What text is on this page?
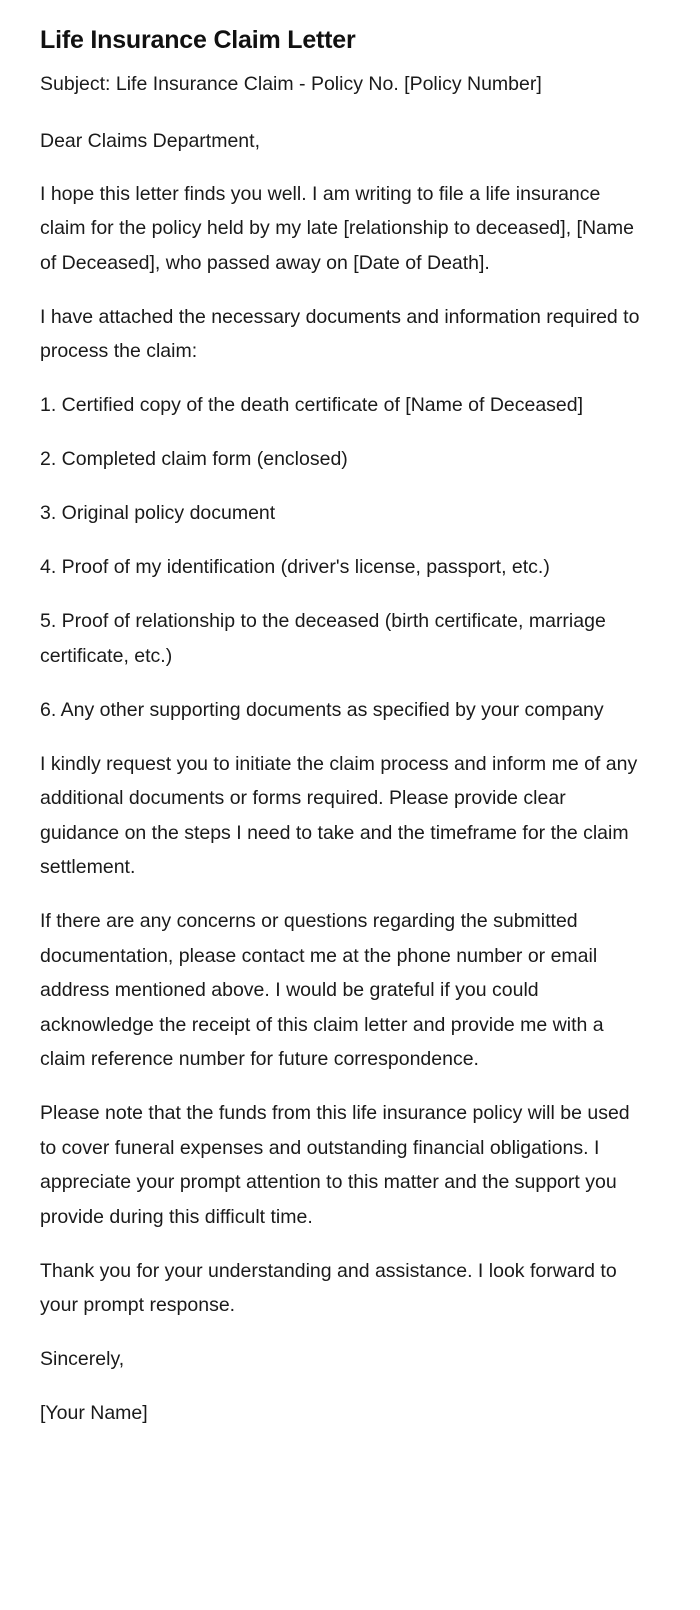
Life Insurance Claim Letter

Subject: Life Insurance Claim - Policy No. [Policy Number]

Dear Claims Department,

I hope this letter finds you well. I am writing to file a life insurance claim for the policy held by my late [relationship to deceased], [Name of Deceased], who passed away on [Date of Death].

I have attached the necessary documents and information required to process the claim:

1. Certified copy of the death certificate of [Name of Deceased]

2. Completed claim form (enclosed)

3. Original policy document

4. Proof of my identification (driver's license, passport, etc.)

5. Proof of relationship to the deceased (birth certificate, marriage certificate, etc.)

6. Any other supporting documents as specified by your company

I kindly request you to initiate the claim process and inform me of any additional documents or forms required. Please provide clear guidance on the steps I need to take and the timeframe for the claim settlement.

If there are any concerns or questions regarding the submitted documentation, please contact me at the phone number or email address mentioned above. I would be grateful if you could acknowledge the receipt of this claim letter and provide me with a claim reference number for future correspondence.

Please note that the funds from this life insurance policy will be used to cover funeral expenses and outstanding financial obligations. I appreciate your prompt attention to this matter and the support you provide during this difficult time.

Thank you for your understanding and assistance. I look forward to your prompt response.

Sincerely,

[Your Name]
